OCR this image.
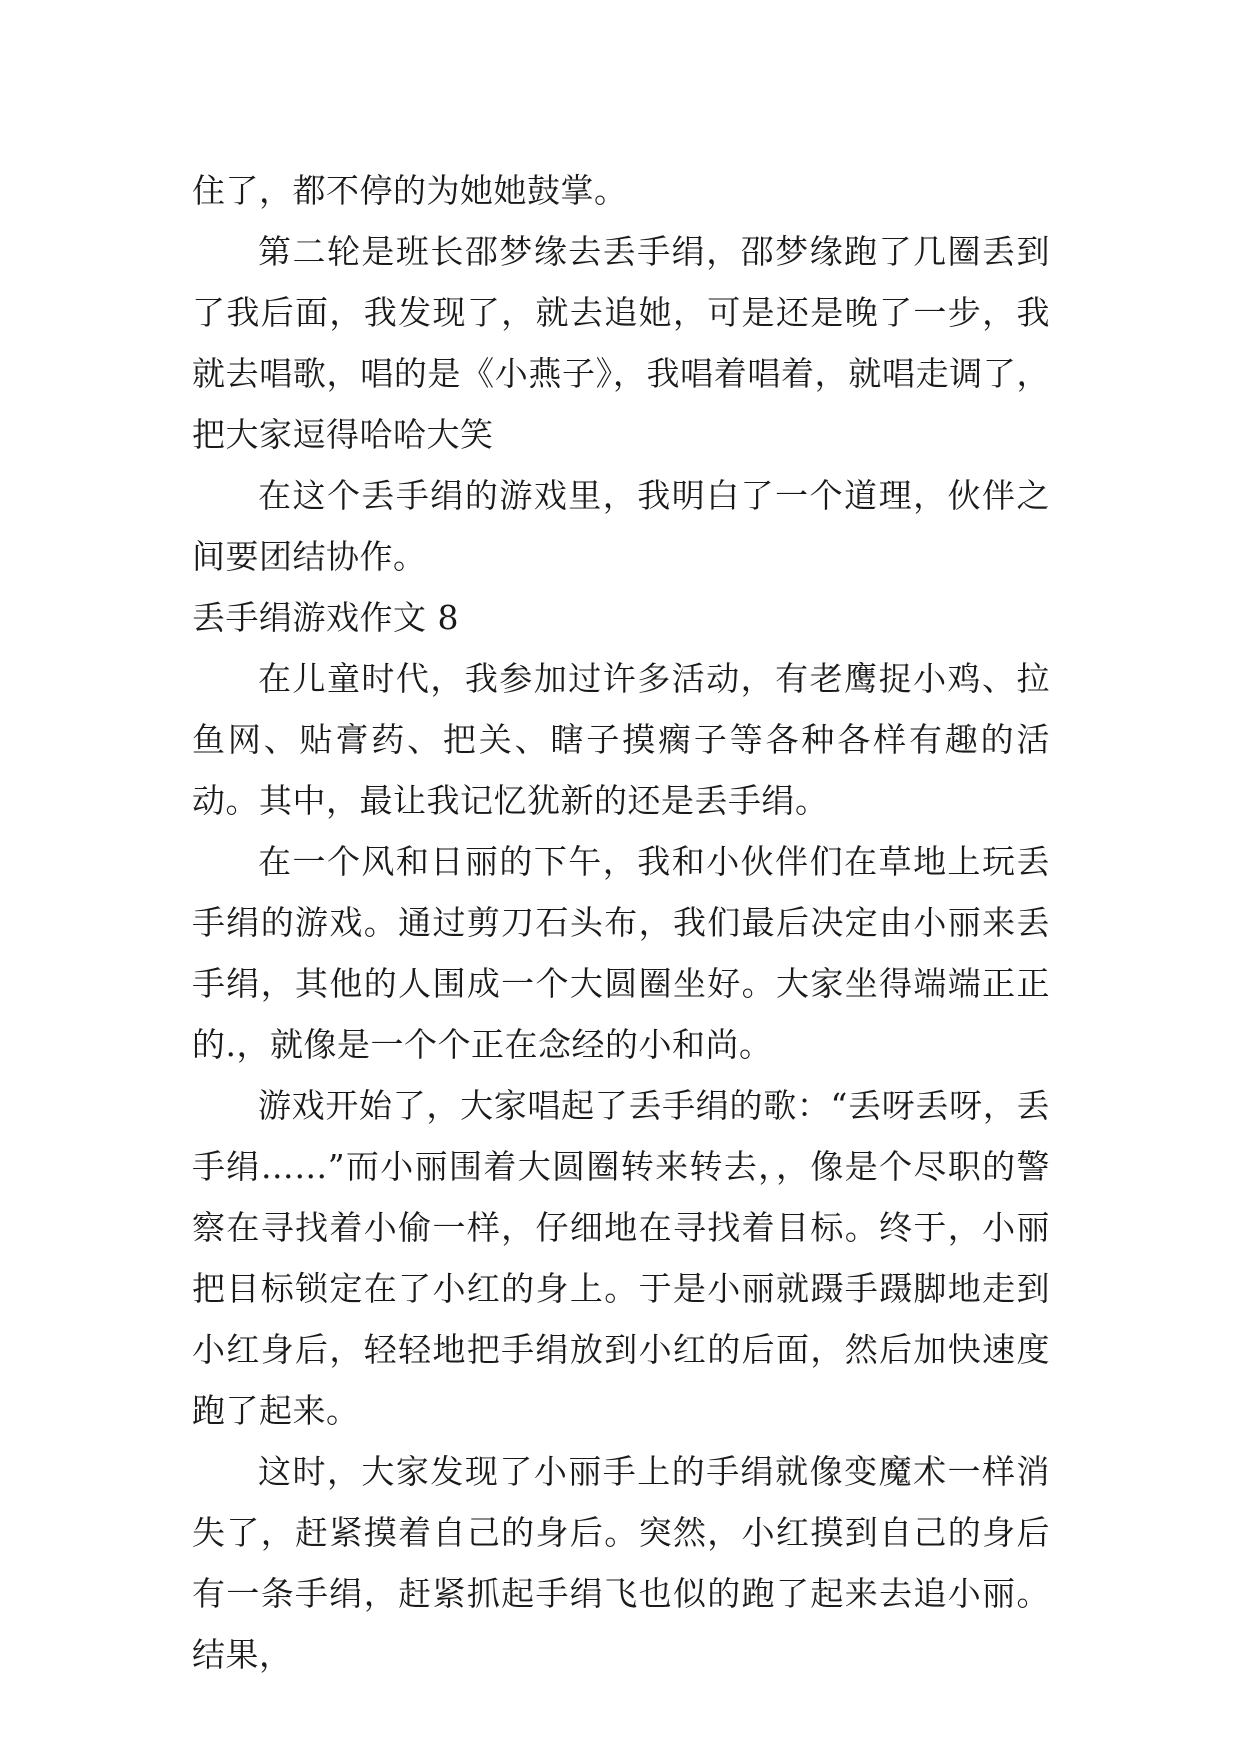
住了，都不停的为她她鼓掌。

第二轮是班长邵梦缘去丢手绢，邵梦缘跑了几圈丢到了我后面，我发现了，就去追她，可是还是晚了一步，我就去唱歌，唱的是《小燕子》，我唱着唱着，就唱走调了，把大家逗得哈哈大笑

在这个丢手绢的游戏里，我明白了一个道理，伙伴之间要团结协作。

丢手绢游戏作文 8

在儿童时代，我参加过许多活动，有老鹰捉小鸡、拉鱼网、贴膏药、把关、瞎子摸瘸子等各种各样有趣的活动。其中，最让我记忆犹新的还是丢手绢。

在一个风和日丽的下午，我和小伙伴们在草地上玩丢手绢的游戏。通过剪刀石头布，我们最后决定由小丽来丢手绢，其他的人围成一个大圆圈坐好。大家坐得端端正正的.，就像是一个个正在念经的小和尚。

游戏开始了，大家唱起了丢手绢的歌：“丢呀丢呀，丢手绢……”而小丽围着大圆圈转来转去，，像是个尽职的警察在寻找着小偷一样，仔细地在寻找着目标。终于，小丽把目标锁定在了小红的身上。于是小丽就蹑手蹑脚地走到小红身后，轻轻地把手绢放到小红的后面，然后加快速度跑了起来。

这时，大家发现了小丽手上的手绢就像变魔术一样消失了，赶紧摸着自己的身后。突然，小红摸到自己的身后有一条手绢，赶紧抓起手绢飞也似的跑了起来去追小丽。结果，
